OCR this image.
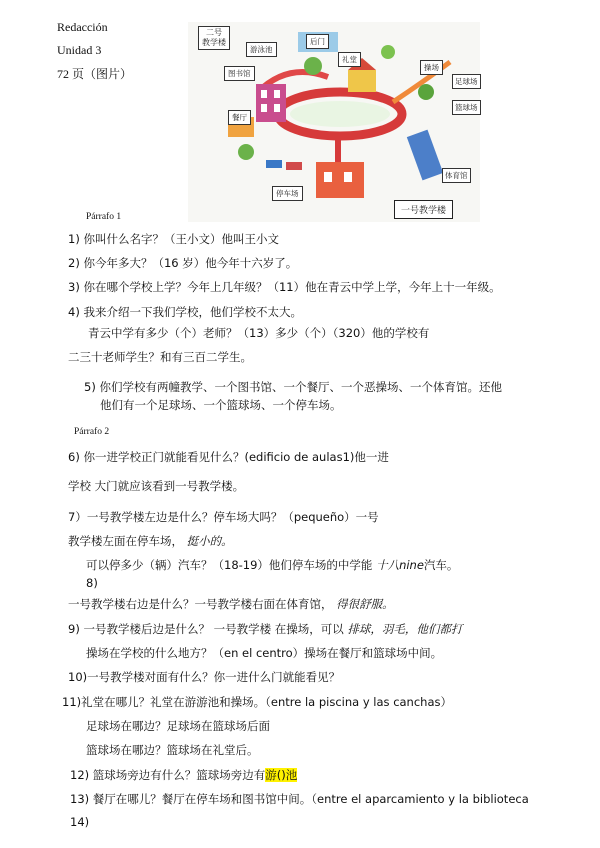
Redacción
Unidad 3
72 页（图片）
二号
教学楼
游泳池
后门
礼堂
图书馆
操场
足球场
篮球场
餐厅
停车场
体育馆
一号教学楼
Párrafo 1
1) 你叫什么名字？（王小文）他叫王小文
2) 你今年多大？（16 岁）他今年十六岁了。
3) 你在哪个学校上学？今年上几年级？（11）他在青云中学上学，今年上十一年级。
4) 我来介绍一下我们学校，他们学校不太大。
青云中学有多少（个）老师？（13）多少（个）（320）他的学校有
二三十老师学生？和有三百二学生。
5) 你们学校有两幢教学、一个图书馆、一个餐厅、一个恶操场、一个体育馆。还他
他们有一个足球场、一个篮球场、一个停车场。
Párrafo 2
6) 你一进学校正门就能看见什么？(edificio de aulas1)他一进
学校 大门就应该看到一号教学楼。
7）一号教学楼左边是什么？停车场大吗？（pequeño）一号
教学楼左面在停车场， 挺小的。
可以停多少（辆）汽车？（18-19）他们停车场的中学能 十八nine汽车。
8)
一号教学楼右边是什么？一号教学楼右面在体育馆， 得很舒服。
9) 一号教学楼后边是什么？ 一号教学楼 在操场，可以 排球，羽毛，他们都打
操场在学校的什么地方？（en el centro）操场在餐厅和篮球场中间。
10)一号教学楼对面有什么？你一进什么门就能看见？
11)礼堂在哪儿？礼堂在游游池和操场。（entre la piscina y las canchas）
足球场在哪边？足球场在篮球场后面
篮球场在哪边？篮球场在礼堂后。
12) 篮球场旁边有什么？篮球场旁边有游()池
13) 餐厅在哪儿？餐厅在停车场和图书馆中间。（entre el aparcamiento y la biblioteca
14)
